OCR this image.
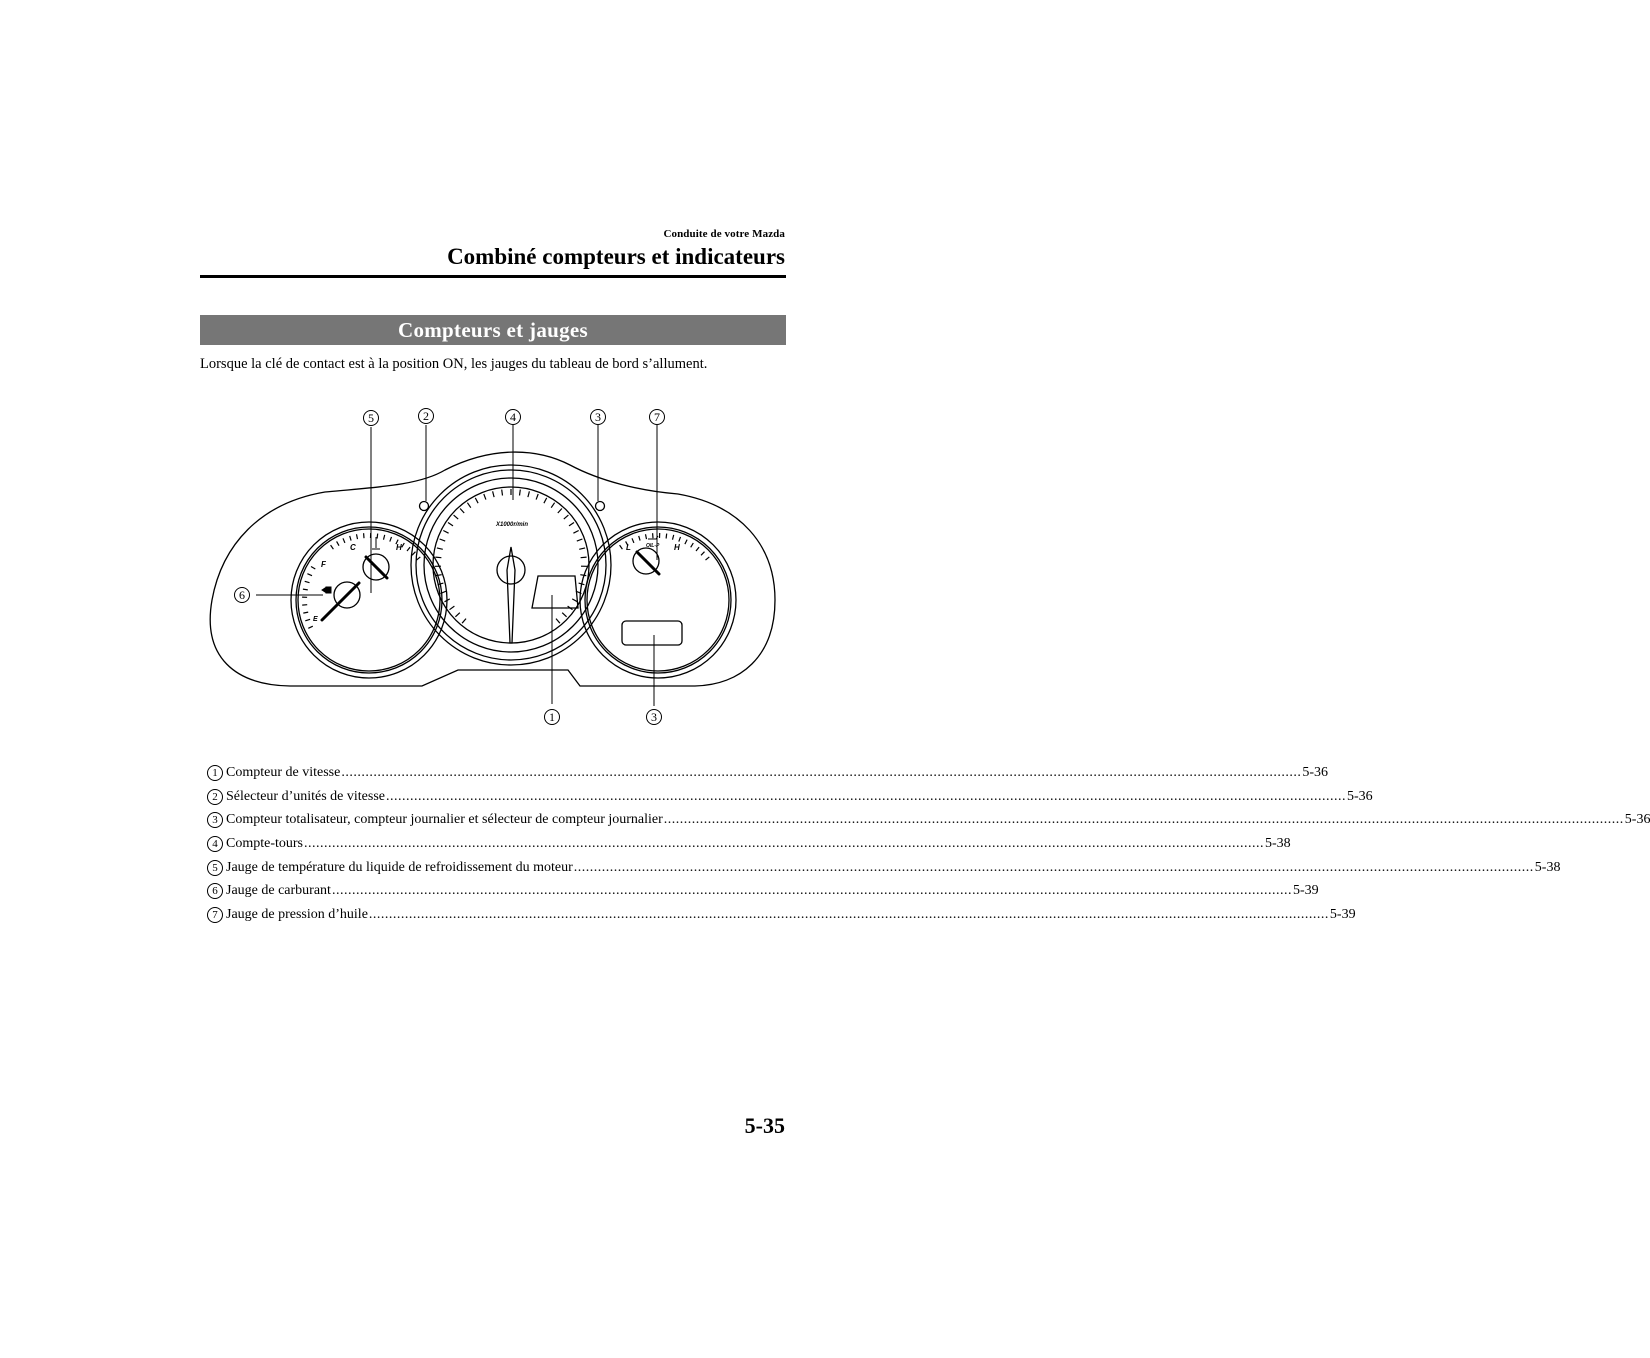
Conduite de votre Mazda
Combiné compteurs et indicateurs
Compteurs et jauges
Lorsque la clé de contact est à la position ON, les jauges du tableau de bord s’allument.
X1000r/min
C	H
F
E
L	H
OIL-P
5	2	4	3	7
6
1	3
1 Compteur de vitesse ................................................................................................................................................................................................................................................ 5-36
2 Sélecteur d’unités de vitesse ................................................................................................................................................................................................................................................ 5-36
3 Compteur totalisateur, compteur journalier et sélecteur de compteur journalier ................................................................................................................................................................................................................................................ 5-36
4 Compte-tours ................................................................................................................................................................................................................................................ 5-38
5 Jauge de température du liquide de refroidissement du moteur ................................................................................................................................................................................................................................................ 5-38
6 Jauge de carburant ................................................................................................................................................................................................................................................ 5-39
7 Jauge de pression d’huile ................................................................................................................................................................................................................................................ 5-39
5-35
